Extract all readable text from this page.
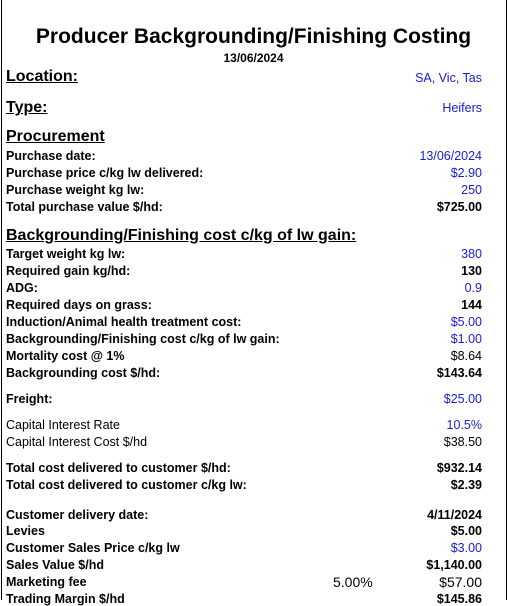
Producer Backgrounding/Finishing Costing
13/06/2024
Location:	SA, Vic, Tas
Type:	Heifers
Procurement
Purchase date:	13/06/2024
Purchase price c/kg lw delivered:	$2.90
Purchase weight kg lw:	250
Total purchase value $/hd:	$725.00
Backgrounding/Finishing cost c/kg of lw gain:
Target weight kg lw:	380
Required gain kg/hd:	130
ADG:	0.9
Required days on grass:	144
Induction/Animal health treatment cost:	$5.00
Backgrounding/Finishing cost c/kg of lw gain:	$1.00
Mortality cost @ 1%	$8.64
Backgrounding cost $/hd:	$143.64
Freight:	$25.00
Capital Interest Rate	10.5%
Capital Interest Cost $/hd	$38.50
Total cost delivered to customer $/hd:	$932.14
Total cost delivered to customer c/kg lw:	$2.39
Customer delivery date:	4/11/2024
Levies	$5.00
Customer Sales Price c/kg lw	$3.00
Sales Value $/hd	$1,140.00
Marketing fee	5.00%	$57.00
Trading Margin $/hd	$145.86
